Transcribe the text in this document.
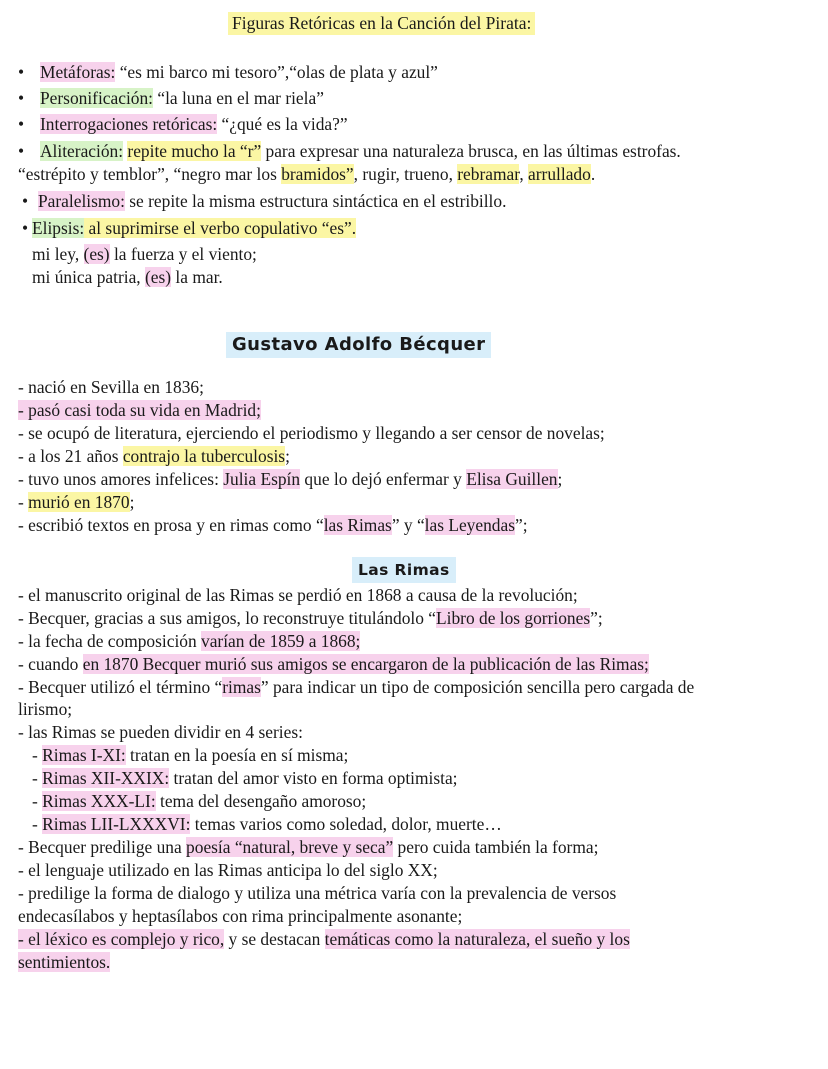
Figuras Retóricas en la Canción del Pirata:
• Metáforas: “es mi barco mi tesoro”,“olas de plata y azul”
• Personificación: “la luna en el mar riela”
• Interrogaciones retóricas: “¿qué es la vida?”
• Aliteración: repite mucho la “r” para expresar una naturaleza brusca, en las últimas estrofas.
“estrépito y temblor”, “negro mar los bramidos”, rugir, trueno, rebramar, arrullado.
• Paralelismo: se repite la misma estructura sintáctica en el estribillo.
• Elipsis: al suprimirse el verbo copulativo “es”.
mi ley, (es) la fuerza y el viento;
mi única patria, (es) la mar.
Gustavo Adolfo Bécquer
- nació en Sevilla en 1836;
- pasó casi toda su vida en Madrid;
- se ocupó de literatura, ejerciendo el periodismo y llegando a ser censor de novelas;
- a los 21 años contrajo la tuberculosis;
- tuvo unos amores infelices: Julia Espín que lo dejó enfermar y Elisa Guillen;
- murió en 1870;
- escribió textos en prosa y en rimas como “las Rimas” y “las Leyendas”;
Las Rimas
- el manuscrito original de las Rimas se perdió en 1868 a causa de la revolución;
- Becquer, gracias a sus amigos, lo reconstruye titulándolo “Libro de los gorriones”;
- la fecha de composición varían de 1859 a 1868;
- cuando en 1870 Becquer murió sus amigos se encargaron de la publicación de las Rimas;
- Becquer utilizó el término “rimas” para indicar un tipo de composición sencilla pero cargada de
lirismo;
- las Rimas se pueden dividir en 4 series:
- Rimas I-XI: tratan en la poesía en sí misma;
- Rimas XII-XXIX: tratan del amor visto en forma optimista;
- Rimas XXX-LI: tema del desengaño amoroso;
- Rimas LII-LXXXVI: temas varios como soledad, dolor, muerte…
- Becquer predilige una poesía “natural, breve y seca” pero cuida también la forma;
- el lenguaje utilizado en las Rimas anticipa lo del siglo XX;
- predilige la forma de dialogo y utiliza una métrica varía con la prevalencia de versos
endecasílabos y heptasílabos con rima principalmente asonante;
- el léxico es complejo y rico, y se destacan temáticas como la naturaleza, el sueño y los
sentimientos.
